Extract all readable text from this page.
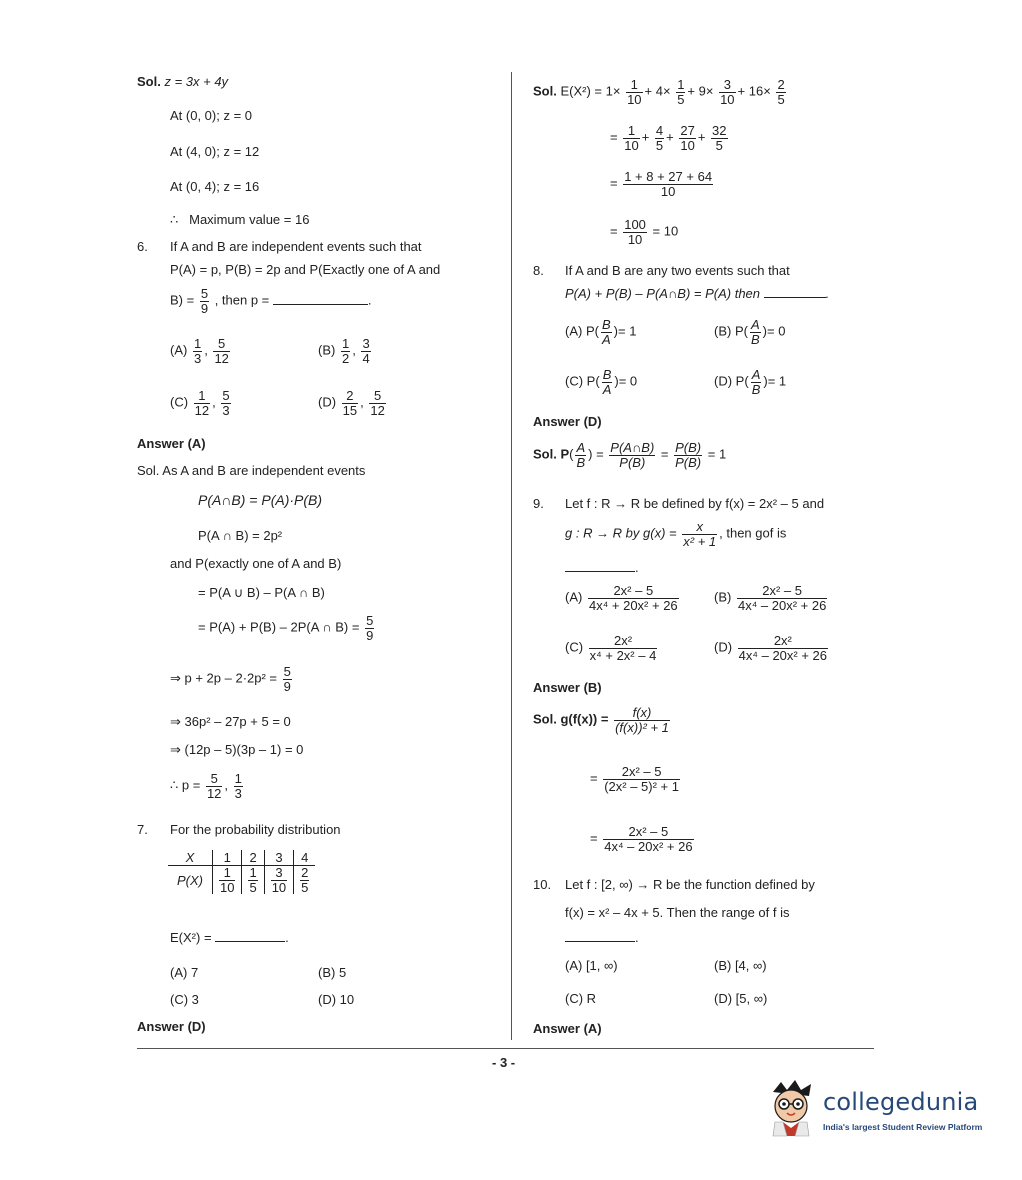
Sol. z = 3x + 4y
At (0, 0); z = 0
At (4, 0); z = 12
At (0, 4); z = 16
∴ Maximum value = 16
6. If A and B are independent events such that
P(A) = p, P(B) = 2p and P(Exactly one of A and
$B) = \frac{5}{9}$ , then p =	.
$(A) \frac{1}{3}$ , $\frac{5}{12}$	$(B) \frac{1}{2}$ , $\frac{3}{4}$
$(C) \frac{1}{12}$ , $\frac{5}{3}$	$(D) \frac{2}{15}$ , $\frac{5}{12}$
Answer (A)
Sol. As A and B are independent events
P(A∩B) = P(A)·P(B)
P(A ∩ B) = 2p²
and P(exactly one of A and B)
= P(A ∪ B) – P(A ∩ B)
= P(A) + P(B) – 2P(A ∩ $B) = \frac{5}{9}$
⇒ $p + 2p - 2\cdot 2p^2 = \frac{5}{9}$
⇒ 36p² – 27p + 5 = 0
⇒ (12p – 5)(3p – 1) = 0
∴ $p = \frac{5}{12}$ , $\frac{1}{3}$
7. For the probability distribution
X	1	2	3	4
P(X)	$\frac{1}{10}$	$\frac{1}{5}$	$\frac{3}{10}$	$\frac{2}{5}$
E(X²) =	.
(A) 7	(B) 5
(C) 3	(D) 10
Answer (D)
Sol. $E(X^2) = 1\times \frac{1}{10} + 4\times \frac{1}{5} + 9\times \frac{3}{10} + 16\times \frac{2}{5}$
= $\frac{1}{10} + \frac{4}{5} + \frac{27}{10} + \frac{32}{5}$
= $\frac{1 + 8 + 27 + 64}{10}$
= $\frac{100}{10} = 10$
8. If A and B are any two events such that
P(A) + P(B) – P(A∩B) = P(A) then	.
(A) $P( \frac{B}{A}$ )= 1	(B) $P( \frac{A}{B}$ )= 0
(C) $P( \frac{B}{A}$ )= 0	(D) $P( \frac{A}{B}$ )= 1
Answer (D)
Sol. $P( \frac{A}{B}$ ) = $\frac{P(A\cap B)}{P(B)} = \frac{P(B)}{P(B)} = 1$
9. Let f : R → R be defined by f(x) = 2x² – 5 and
g : R → R by $g(x) = \frac{x}{\text{x² + 1}}$ , then gof is
.
$(A) \frac{\text{2x² – 5}}{\text{4x⁴ + 20x² + 26}}$	$(B) \frac{\text{2x² – 5}}{\text{4x⁴ – 20x² + 26}}$
$(C) \frac{\text{2x²}}{\text{x⁴ + 2x² – 4}}$	$(D) \frac{\text{2x²}}{\text{4x⁴ – 20x² + 26}}$
Answer (B)
Sol. $g(f(x)) = \frac{f(x)}{\text{(f(x))² + 1}}$
= $\frac{\text{2x² – 5}}{\text{(2x² – 5)² + 1}}$
= $\frac{\text{2x² – 5}}{\text{4x⁴ – 20x² + 26}}$
10. Let f : [2, ∞) → R be the function defined by
f(x) = x² – 4x + 5. Then the range of f is
.
(A) [1, ∞)	(B) [4, ∞)
(C) R	(D) [5, ∞)
Answer (A)
- 3 -
collegedunia
India's largest Student Review Platform
